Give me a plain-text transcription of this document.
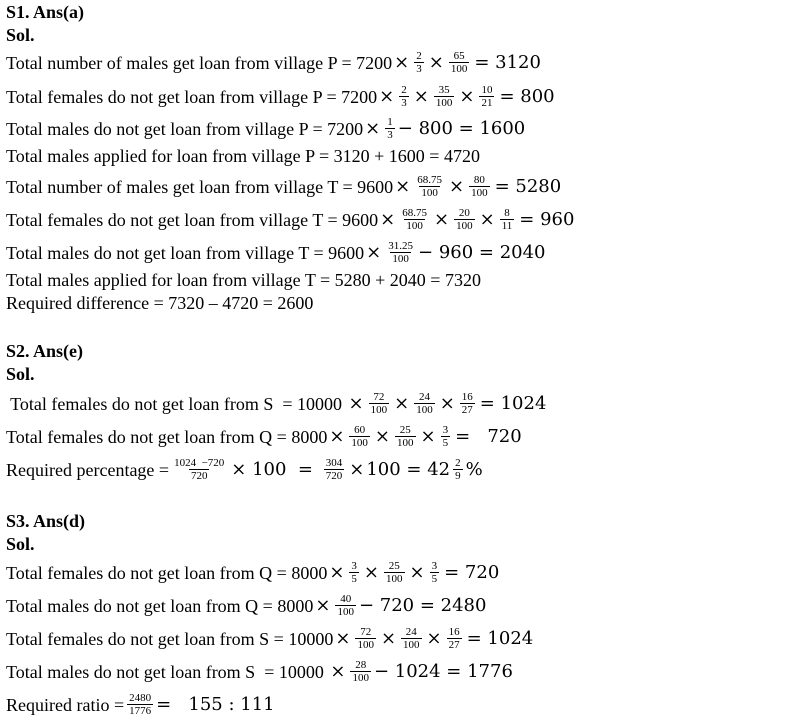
S1. Ans(a)
Sol.
Total number of males get loan from village $P = 7200 \times \frac{2}{3} \times \frac{65}{100} = 3120$
Total females do not get loan from village $P = 7200 \times \frac{2}{3} \times \frac{35}{100} \times \frac{10}{21} = 800$
Total males do not get loan from village $P = 7200 \times \frac{1}{3} - 800 = 1600$
Total males applied for loan from village P = 3120 + 1600 = 4720
Total number of males get loan from village $T = 9600 \times \frac{68.75}{100} \times \frac{80}{100} = 5280$
Total females do not get loan from village $T = 9600 \times \frac{68.75}{100} \times \frac{20}{100} \times \frac{8}{11} = 960$
Total males do not get loan from village $T = 9600 \times \frac{31.25}{100} - 960 = 2040$
Total males applied for loan from village T = 5280 + 2040 = 7320
Required difference = 7320 – 4720 = 2600
S2. Ans(e)
Sol.
Total females do not get loan from $S = 10000 \times \frac{72}{100} \times \frac{24}{100} \times \frac{16}{27} = 1024$
Total females do not get loan from $Q = 8000 \times \frac{60}{100} \times \frac{25}{100} \times \frac{3}{5} = 720$
Required percentage = $\frac{1024 -720}{720} \times 100 = \frac{304}{720} \times 100 = 42 \frac{2}{9}$ %
S3. Ans(d)
Sol.
Total females do not get loan from $Q = 8000 \times \frac{3}{5} \times \frac{25}{100} \times \frac{3}{5} = 720$
Total males do not get loan from $Q = 8000 \times \frac{40}{100} - 720 = 2480$
Total females do not get loan from $S = 10000 \times \frac{72}{100} \times \frac{24}{100} \times \frac{16}{27} = 1024$
Total males do not get loan from $S = 10000 \times \frac{28}{100} - 1024 = 1776$
Required ratio = $\frac{2480}{1776} = 155$ : 111
